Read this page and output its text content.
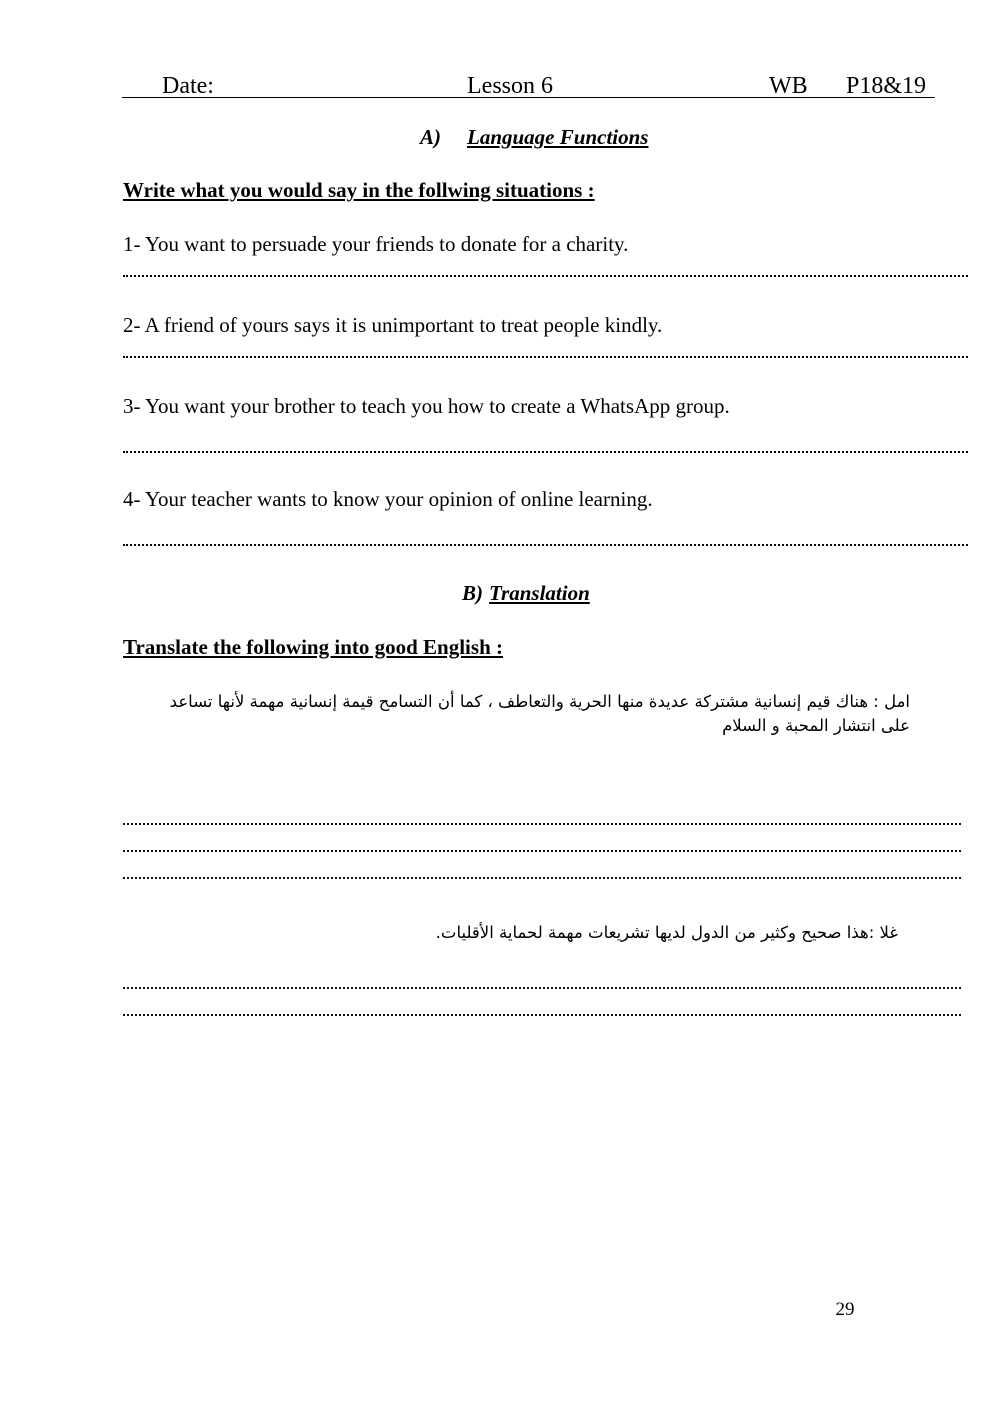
Date:	Lesson 6	WB P18&19
A) Language Functions
Write what you would say in the follwing situations :
1- You want to persuade your friends to donate for a charity.
2- A friend of yours says it is unimportant to treat people kindly.
3- You want your brother to teach you how to create a WhatsApp group.
4- Your teacher wants to know your opinion of online learning.
B) Translation
Translate the following into good English :
امل : هناك قيم إنسانية مشتركة عديدة منها الحرية والتعاطف ، كما أن التسامح قيمة إنسانية مهمة لأنها تساعد
على انتشار المحبة و السلام
غلا :هذا صحيح وكثير من الدول لديها تشريعات مهمة لحماية الأقليات.
29
